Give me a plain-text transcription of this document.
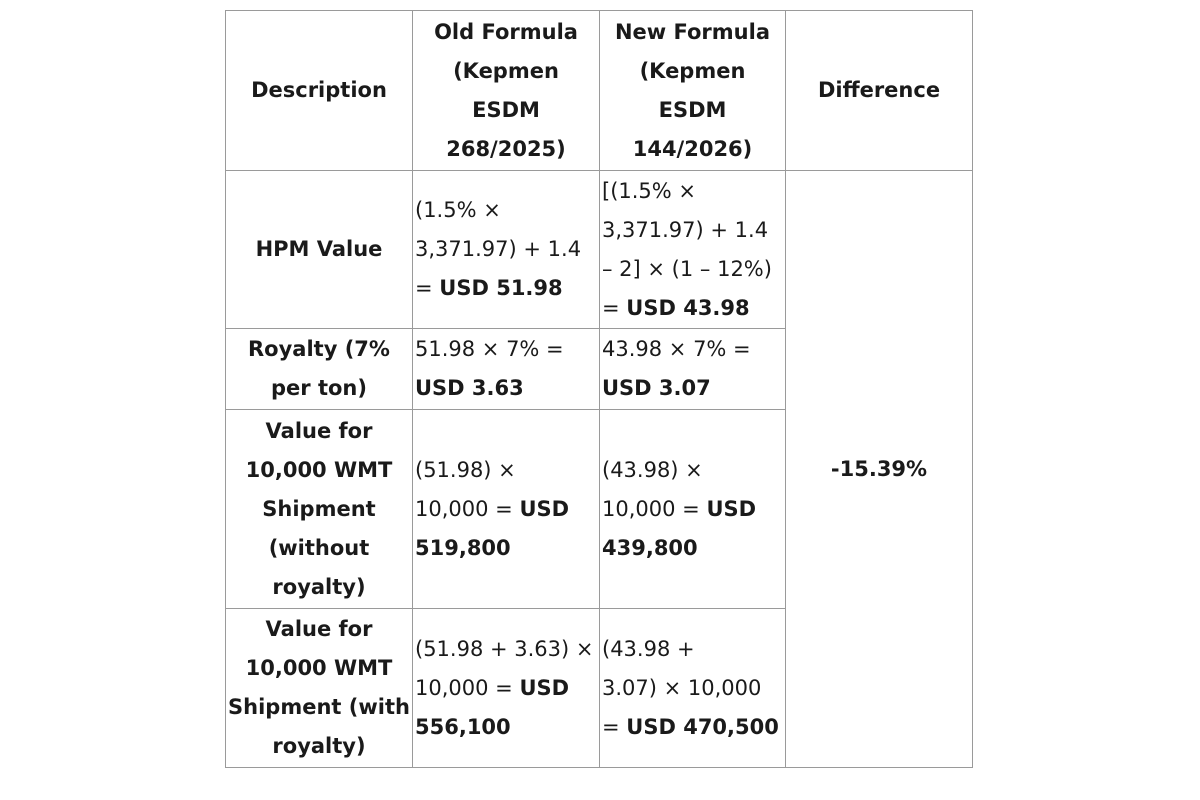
Description	Old Formula
(Kepmen
ESDM
268/2025)	New Formula
(Kepmen
ESDM
144/2026)	Difference

HPM Value	(1.5% ×
3,371.97) + 1.4
= USD 51.98	[(1.5% ×
3,371.97) + 1.4
– 2] × (1 – 12%)
= USD 43.98	-15.39%

Royalty (7%
per ton)	51.98 × 7% =
USD 3.63	43.98 × 7% =
USD 3.07	

Value for
10,000 WMT
Shipment
(without
royalty)	(51.98) ×
10,000 = USD
519,800	(43.98) ×
10,000 = USD
439,800	

Value for
10,000 WMT
Shipment (with
royalty)	(51.98 + 3.63) ×
10,000 = USD
556,100	(43.98 +
3.07) × 10,000
= USD 470,500	
